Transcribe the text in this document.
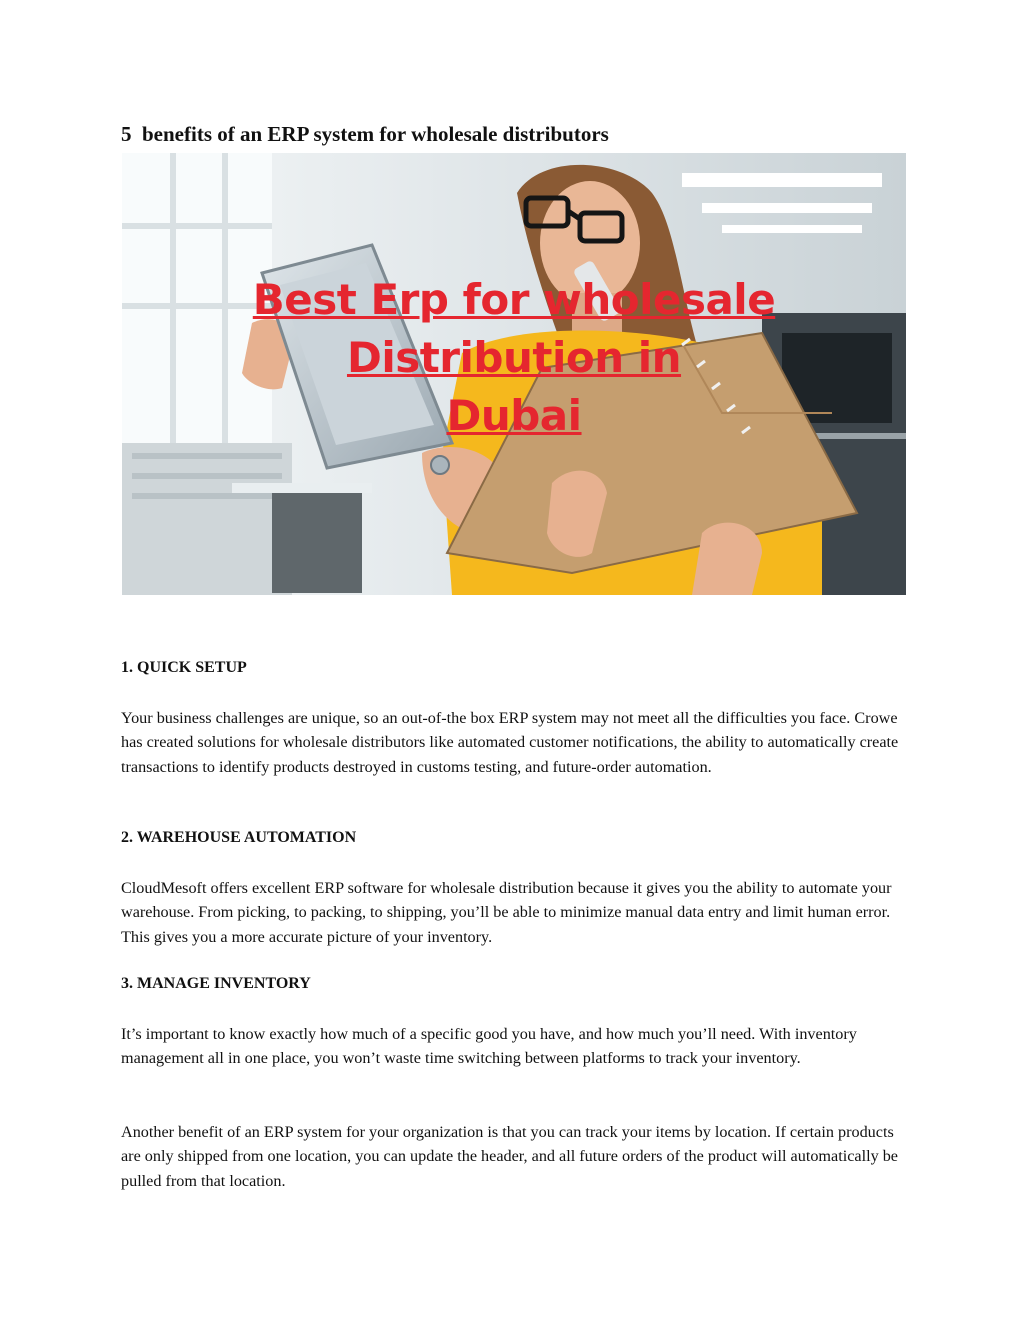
5  benefits of an ERP system for wholesale distributors
Best Erp for wholesale Distribution in
Dubai
1. QUICK SETUP

Your business challenges are unique, so an out-of-the box ERP system may not meet all the difficulties you face. Crowe has created solutions for wholesale distributors like automated customer notifications, the ability to automatically create transactions to identify products destroyed in customs testing, and future-order automation.

2. WAREHOUSE AUTOMATION

CloudMesoft offers excellent ERP software for wholesale distribution because it gives you the ability to automate your warehouse. From picking, to packing, to shipping, you’ll be able to minimize manual data entry and limit human error. This gives you a more accurate picture of your inventory.

3. MANAGE INVENTORY

It’s important to know exactly how much of a specific good you have, and how much you’ll need. With inventory management all in one place, you won’t waste time switching between platforms to track your inventory.

Another benefit of an ERP system for your organization is that you can track your items by location. If certain products are only shipped from one location, you can update the header, and all future orders of the product will automatically be pulled from that location.
